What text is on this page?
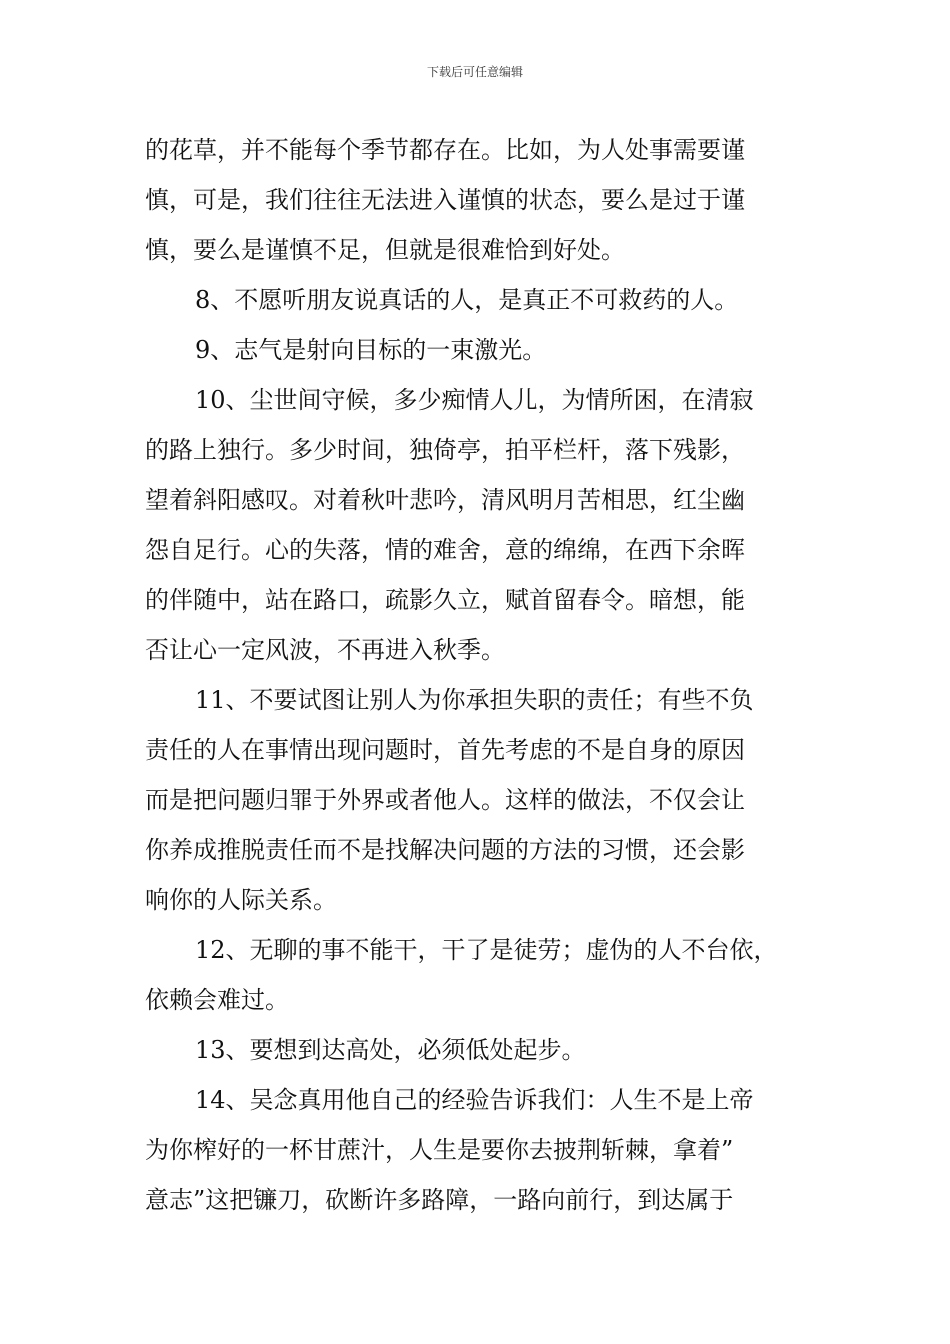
下载后可任意编辑
的花草，并不能每个季节都存在。比如，为人处事需要谨
慎，可是，我们往往无法进入谨慎的状态，要么是过于谨
慎，要么是谨慎不足，但就是很难恰到好处。
8、不愿听朋友说真话的人，是真正不可救药的人。
9、志气是射向目标的一束激光。
10、尘世间守候，多少痴情人儿，为情所困，在清寂
的路上独行。多少时间，独倚亭，拍平栏杆，落下残影，
望着斜阳感叹。对着秋叶悲吟，清风明月苦相思，红尘幽
怨自足行。心的失落，情的难舍，意的绵绵，在西下余晖
的伴随中，站在路口，疏影久立，赋首留春令。暗想，能
否让心一定风波，不再进入秋季。
11、不要试图让别人为你承担失职的责任；有些不负
责任的人在事情出现问题时，首先考虑的不是自身的原因
而是把问题归罪于外界或者他人。这样的做法，不仅会让
你养成推脱责任而不是找解决问题的方法的习惯，还会影
响你的人际关系。
12、无聊的事不能干，干了是徒劳；虚伪的人不台依，
依赖会难过。
13、要想到达高处，必须低处起步。
14、吴念真用他自己的经验告诉我们：人生不是上帝
为你榨好的一杯甘蔗汁，人生是要你去披荆斩棘，拿着”
意志”这把镰刀，砍断许多路障，一路向前行，到达属于
